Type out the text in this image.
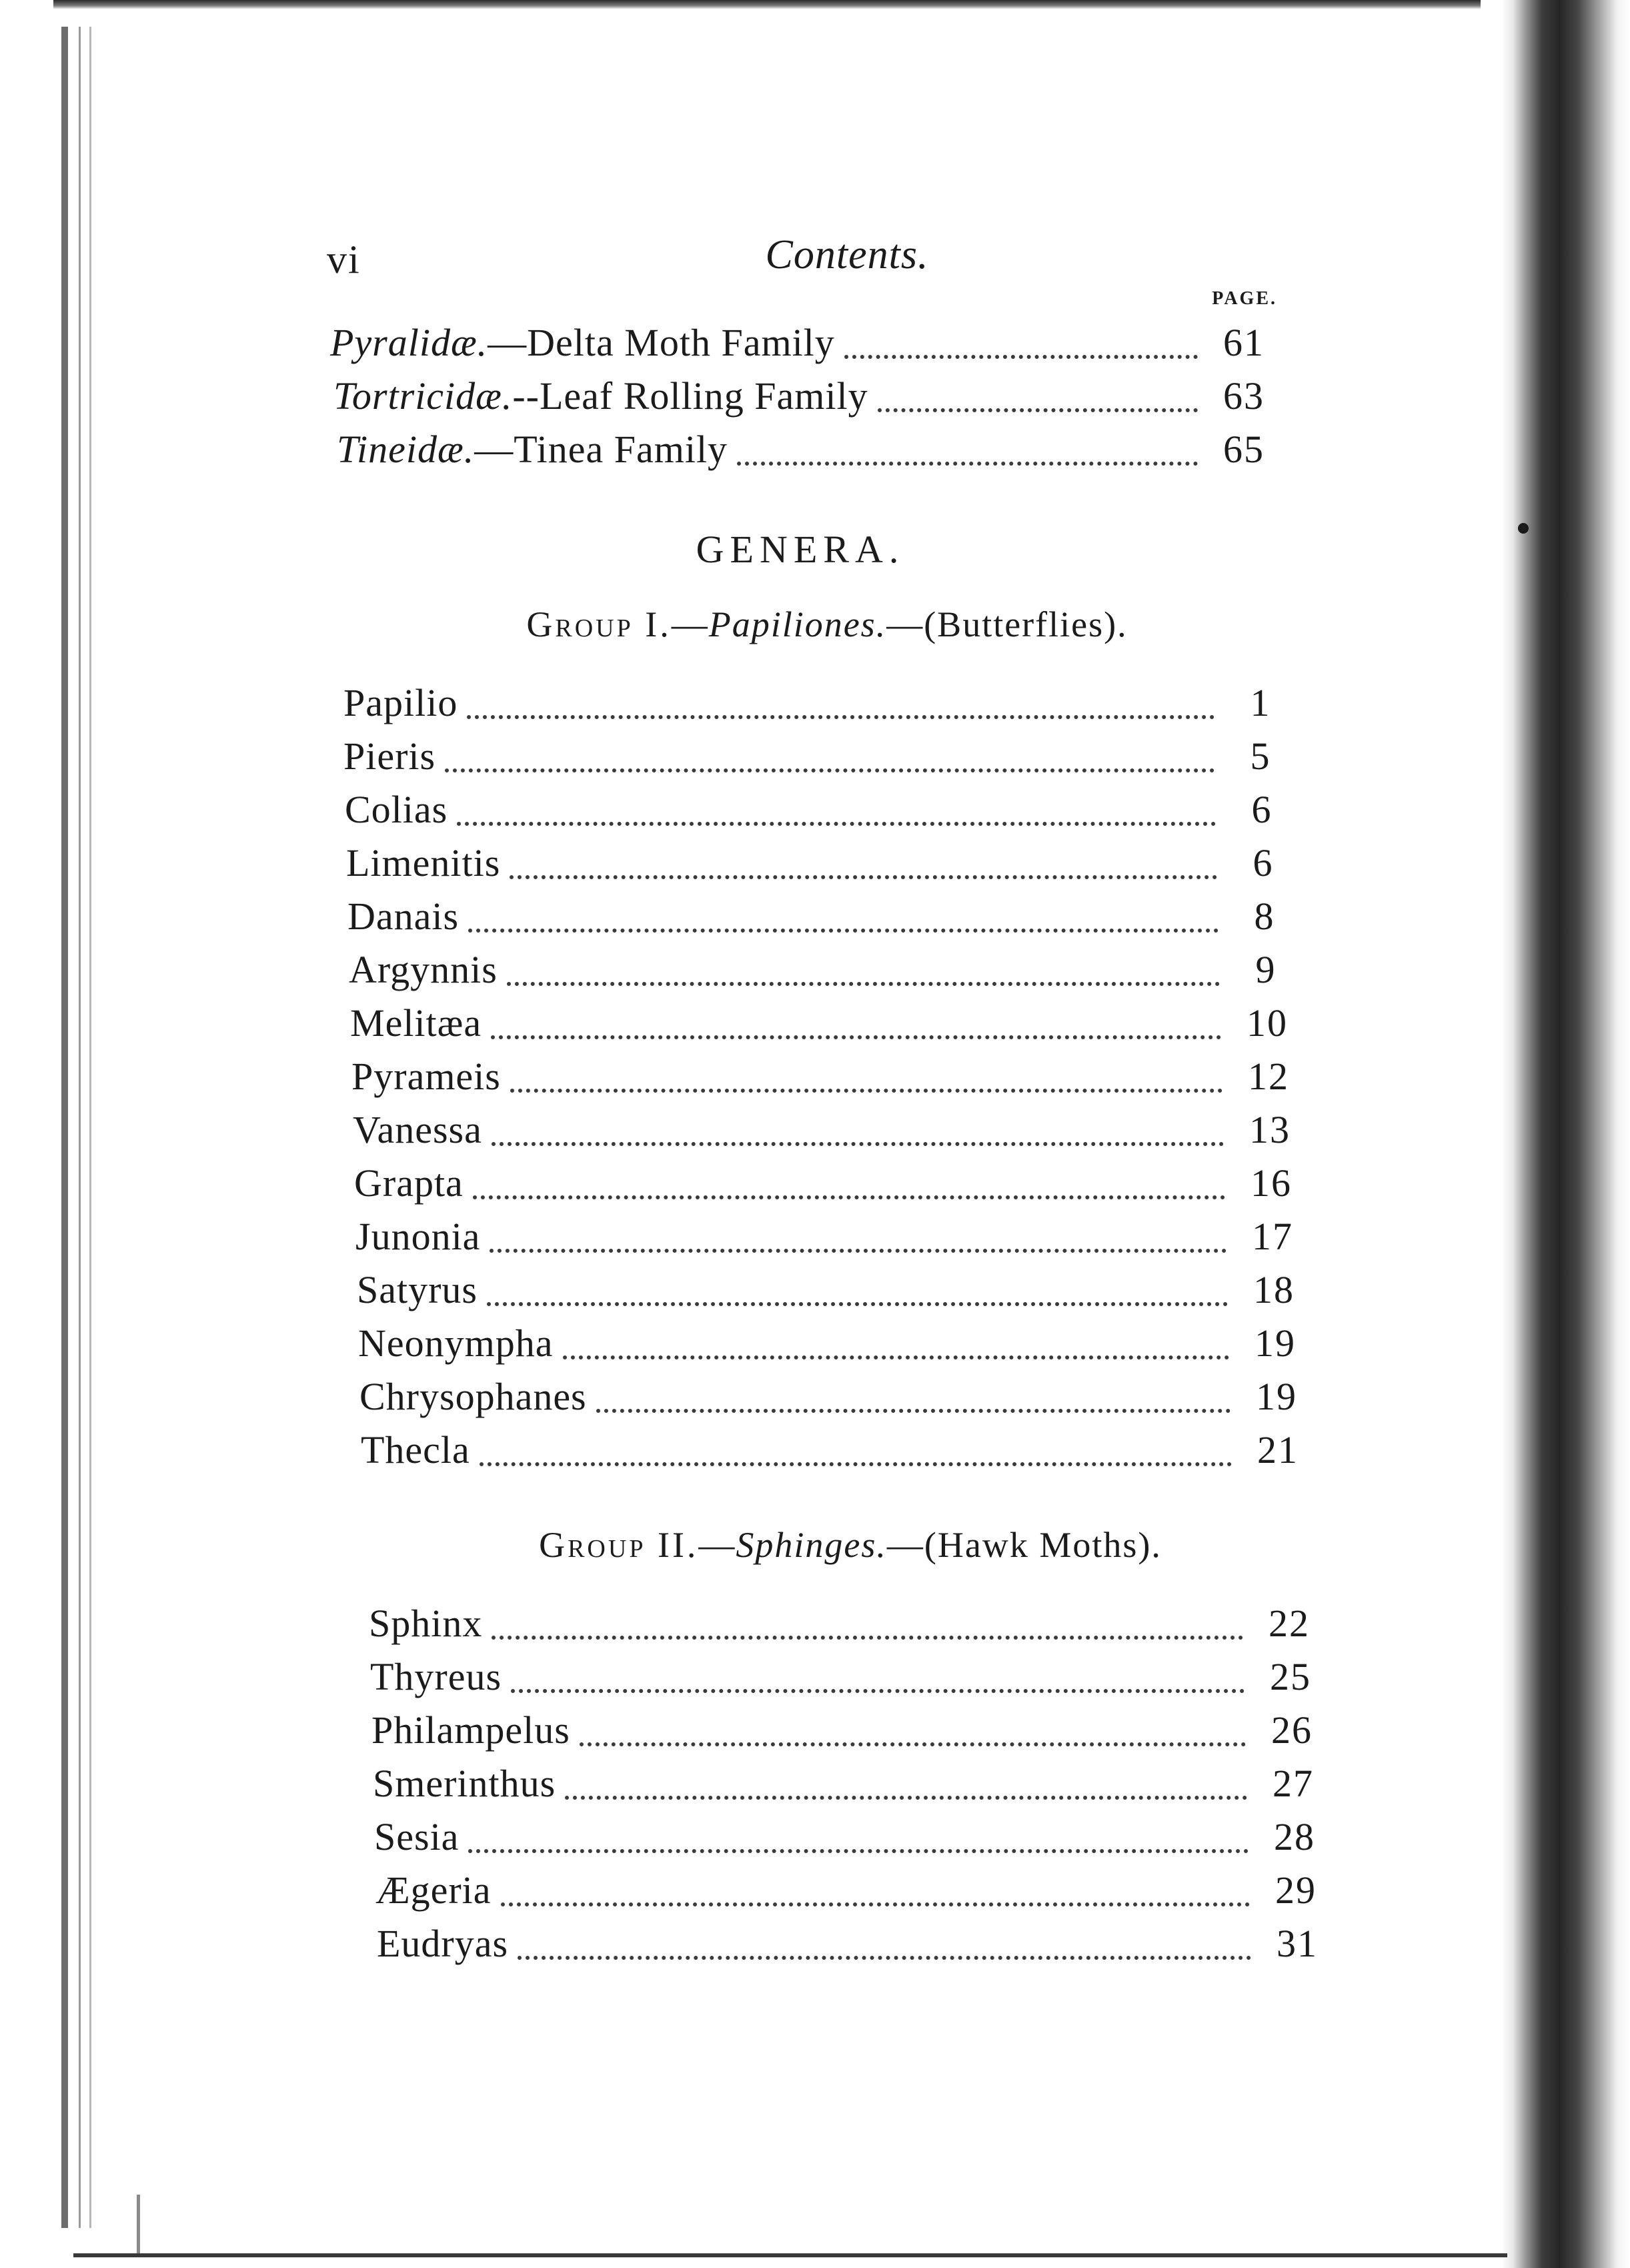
vi	Contents.
PAGE.
Pyralidæ.—Delta Moth Family	61
Tortricidæ.--Leaf Rolling Family	63
Tineidæ.—Tinea Family	65
GENERA.
Group I.—Papiliones.—(Butterflies).
Papilio	1
Pieris	5
Colias	6
Limenitis	6
Danais	8
Argynnis	9
Melitæa	10
Pyrameis	12
Vanessa	13
Grapta	16
Junonia	17
Satyrus	18
Neonympha	19
Chrysophanes	19
Thecla	21
Group II.—Sphinges.—(Hawk Moths).
Sphinx	22
Thyreus	25
Philampelus	26
Smerinthus	27
Sesia	28
Ægeria	29
Eudryas	31
